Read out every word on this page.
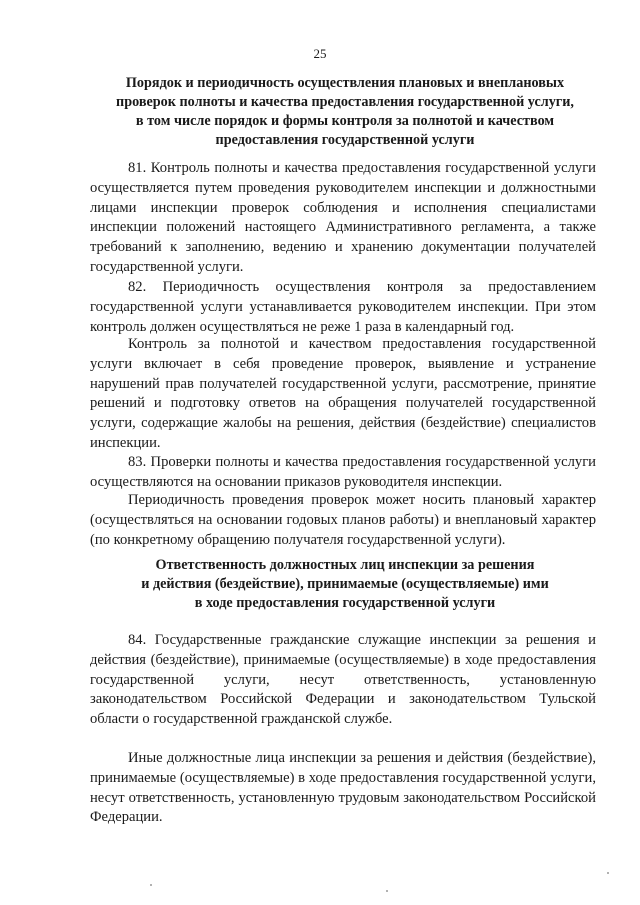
25
Порядок и периодичность осуществления плановых и внеплановых
проверок полноты и качества предоставления государственной услуги,
в том числе порядок и формы контроля за полнотой и качеством
предоставления государственной услуги

81. Контроль полноты и качества предоставления государственной услуги осуществляется путем проведения руководителем инспекции и должностными лицами инспекции проверок соблюдения и исполнения специалистами инспекции положений настоящего Административного регламента, а также требований к заполнению, ведению и хранению документации получателей государственной услуги.

82. Периодичность осуществления контроля за предоставлением государственной услуги устанавливается руководителем инспекции. При этом контроль должен осуществляться не реже 1 раза в календарный год.

Контроль за полнотой и качеством предоставления государственной услуги включает в себя проведение проверок, выявление и устранение нарушений прав получателей государственной услуги, рассмотрение, принятие решений и подготовку ответов на обращения получателей государственной услуги, содержащие жалобы на решения, действия (бездействие) специалистов инспекции.

83. Проверки полноты и качества предоставления государственной услуги осуществляются на основании приказов руководителя инспекции.

Периодичность проведения проверок может носить плановый характер (осуществляться на основании годовых планов работы) и внеплановый характер (по конкретному обращению получателя государственной услуги).

Ответственность должностных лиц инспекции за решения
и действия (бездействие), принимаемые (осуществляемые) ими
в ходе предоставления государственной услуги

84. Государственные гражданские служащие инспекции за решения и действия (бездействие), принимаемые (осуществляемые) в ходе предоставления государственной услуги, несут ответственность, установленную законодательством Российской Федерации и законодательством Тульской области о государственной гражданской службе.

Иные должностные лица инспекции за решения и действия (бездействие), принимаемые (осуществляемые) в ходе предоставления государственной услуги, несут ответственность, установленную трудовым законодательством Российской Федерации.
